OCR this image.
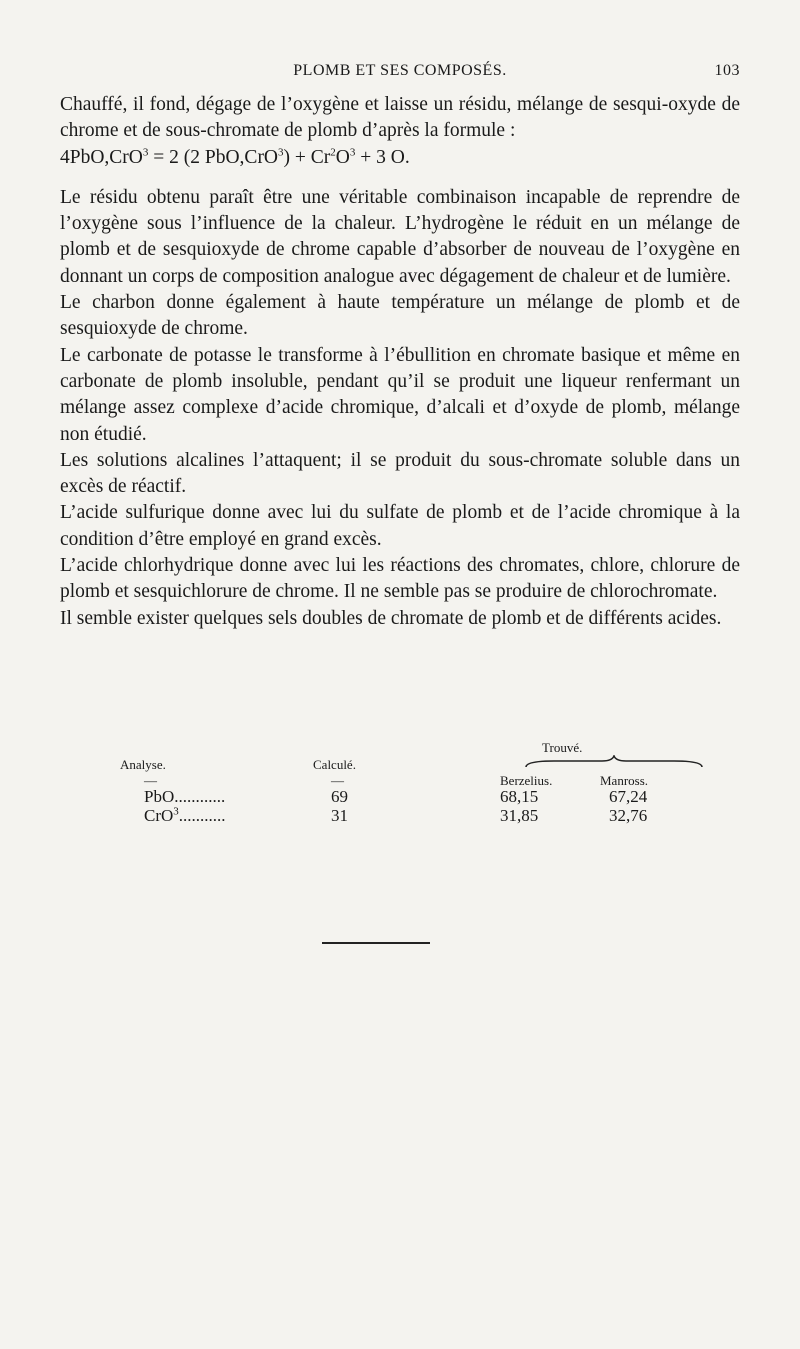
PLOMB ET SES COMPOSÉS.	103

Chauffé, il fond, dégage de l’oxygène et laisse un résidu, mélange de sesqui-oxyde de chrome et de sous-chromate de plomb d’après la formule :
4PbO,CrO$^3$ = 2 (2 $PbO,CrO^3) + Cr^2O^3 + 3$ O.

Le résidu obtenu paraît être une véritable combinaison incapable de reprendre de l’oxygène sous l’influence de la chaleur. L’hydrogène le réduit en un mélange de plomb et de sesquioxyde de chrome capable d’absorber de nouveau de l’oxygène en donnant un corps de composition analogue avec dégagement de chaleur et de lumière.

Le charbon donne également à haute température un mélange de plomb et de sesquioxyde de chrome.

Le carbonate de potasse le transforme à l’ébullition en chromate basique et même en carbonate de plomb insoluble, pendant qu’il se produit une liqueur renfermant un mélange assez complexe d’acide chromique, d’alcali et d’oxyde de plomb, mélange non étudié.

Les solutions alcalines l’attaquent; il se produit du sous-chromate soluble dans un excès de réactif.

L’acide sulfurique donne avec lui du sulfate de plomb et de l’acide chromique à la condition d’être employé en grand excès.

L’acide chlorhydrique donne avec lui les réactions des chromates, chlore, chlorure de plomb et sesquichlorure de chrome. Il ne semble pas se produire de chlorochromate.

Il semble exister quelques sels doubles de chromate de plomb et de différents acides.

Analyse.	Calculé.
Trouvé.
—	—	Berzelius.	Manross.
PbO............	69	68,15	67,24
CrO$^3$...........	31	31,85	32,76
